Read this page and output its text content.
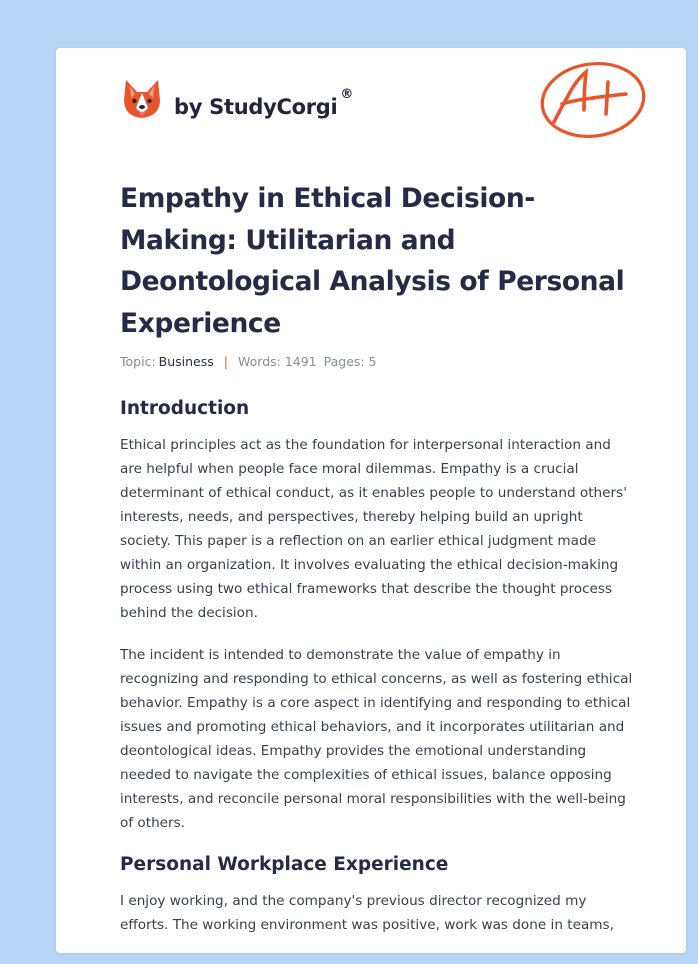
by StudyCorgi®
A+
Empathy in Ethical Decision-Making: Utilitarian and Deontological Analysis of Personal Experience
Topic: Business | Words: 1491 Pages: 5
Introduction

Ethical principles act as the foundation for interpersonal interaction and are helpful when people face moral dilemmas. Empathy is a crucial determinant of ethical conduct, as it enables people to understand others' interests, needs, and perspectives, thereby helping build an upright society. This paper is a reflection on an earlier ethical judgment made within an organization. It involves evaluating the ethical decision-making process using two ethical frameworks that describe the thought process behind the decision.

The incident is intended to demonstrate the value of empathy in recognizing and responding to ethical concerns, as well as fostering ethical behavior. Empathy is a core aspect in identifying and responding to ethical issues and promoting ethical behaviors, and it incorporates utilitarian and deontological ideas. Empathy provides the emotional understanding needed to navigate the complexities of ethical issues, balance opposing interests, and reconcile personal moral responsibilities with the well-being of others.

Personal Workplace Experience

I enjoy working, and the company's previous director recognized my efforts. The working environment was positive, work was done in teams,
